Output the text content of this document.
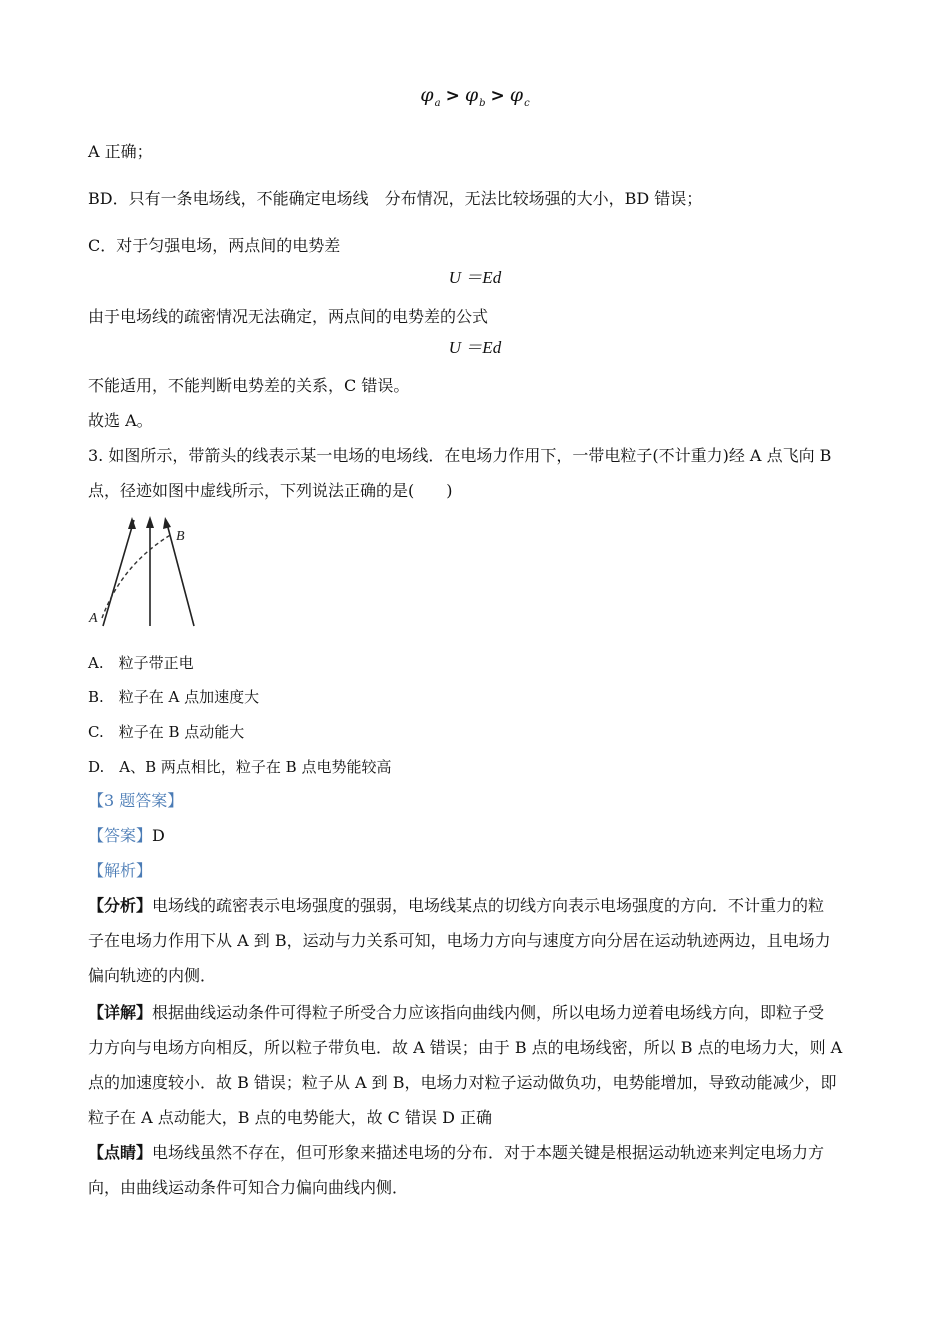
$\varphi_a > \varphi_b > \varphi_c$
A 正确；
BD．只有一条电场线，不能确定电场线　分布情况，无法比较场强的大小，BD 错误；
C．对于匀强电场，两点间的电势差
U ＝Ed
由于电场线的疏密情况无法确定，两点间的电势差的公式
U ＝Ed
不能适用，不能判断电势差的关系，C 错误。
故选 A。
3. 如图所示，带箭头的线表示某一电场的电场线．在电场力作用下，一带电粒子(不计重力)经 A 点飞向 B
点，径迹如图中虚线所示，下列说法正确的是(　　)
A
B
A.　粒子带正电
B.　粒子在 A 点加速度大
C.　粒子在 B 点动能大
D.　A、B 两点相比，粒子在 B 点电势能较高
【3 题答案】
【答案】D
【解析】
【分析】电场线的疏密表示电场强度的强弱，电场线某点的切线方向表示电场强度的方向．不计重力的粒
子在电场力作用下从 A 到 B，运动与力关系可知，电场力方向与速度方向分居在运动轨迹两边，且电场力
偏向轨迹的内侧．
【详解】根据曲线运动条件可得粒子所受合力应该指向曲线内侧，所以电场力逆着电场线方向，即粒子受
力方向与电场方向相反，所以粒子带负电．故 A 错误；由于 B 点的电场线密，所以 B 点的电场力大，则 A
点的加速度较小．故 B 错误；粒子从 A 到 B，电场力对粒子运动做负功，电势能增加，导致动能减少，即
粒子在 A 点动能大，B 点的电势能大，故 C 错误 D 正确
【点睛】电场线虽然不存在，但可形象来描述电场的分布．对于本题关键是根据运动轨迹来判定电场力方
向，由曲线运动条件可知合力偏向曲线内侧．
